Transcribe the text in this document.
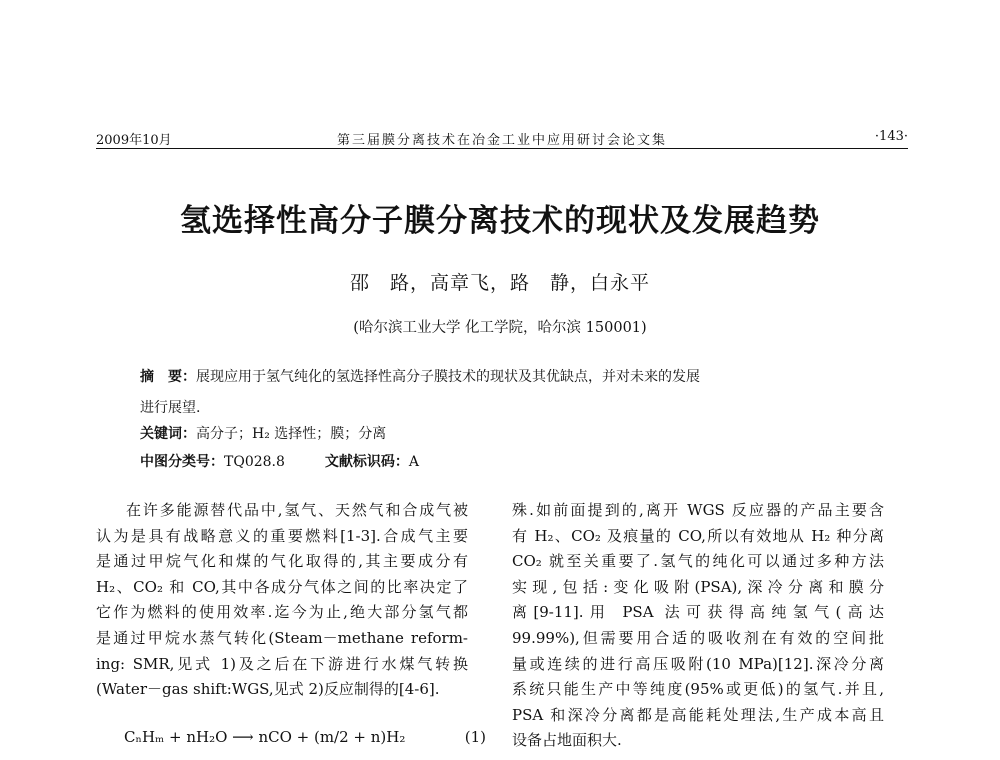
2009年10月	第三届膜分离技术在冶金工业中应用研讨会论文集	·143·
氢选择性高分子膜分离技术的现状及发展趋势
邵　路，高章飞，路　静，白永平
(哈尔滨工业大学 化工学院，哈尔滨 150001)
摘　要：展现应用于氢气纯化的氢选择性高分子膜技术的现状及其优缺点，并对未来的发展
进行展望.
关键词：高分子；H₂ 选择性；膜；分离
中图分类号：TQ028.8	文献标识码：A

在许多能源替代品中,氢气、天然气和合成气被

认为是具有战略意义的重要燃料[1-3].合成气主要

是通过甲烷气化和煤的气化取得的,其主要成分有

H₂、CO₂ 和 CO,其中各成分气体之间的比率决定了

它作为燃料的使用效率.迄今为止,绝大部分氢气都

是通过甲烷水蒸气转化(Steam－methane reform-

ing: SMR,见式 1)及之后在下游进行水煤气转换

(Water－gas shift:WGS,见式 2)反应制得的[4-6].

CₙHₘ + nH₂O ⟶ nCO + (m/2 + n)H₂	(1)

殊.如前面提到的,离开 WGS 反应器的产品主要含

有 H₂、CO₂ 及痕量的 CO,所以有效地从 H₂ 种分离

CO₂ 就至关重要了.氢气的纯化可以通过多种方法

实现,包括:变化吸附(PSA),深冷分离和膜分

离[9-11].用 PSA 法可获得高纯氢气(高达

99.99%),但需要用合适的吸收剂在有效的空间批

量或连续的进行高压吸附(10 MPa)[12].深冷分离

系统只能生产中等纯度(95%或更低)的氢气.并且,

PSA 和深冷分离都是高能耗处理法,生产成本高且

设备占地面积大.
